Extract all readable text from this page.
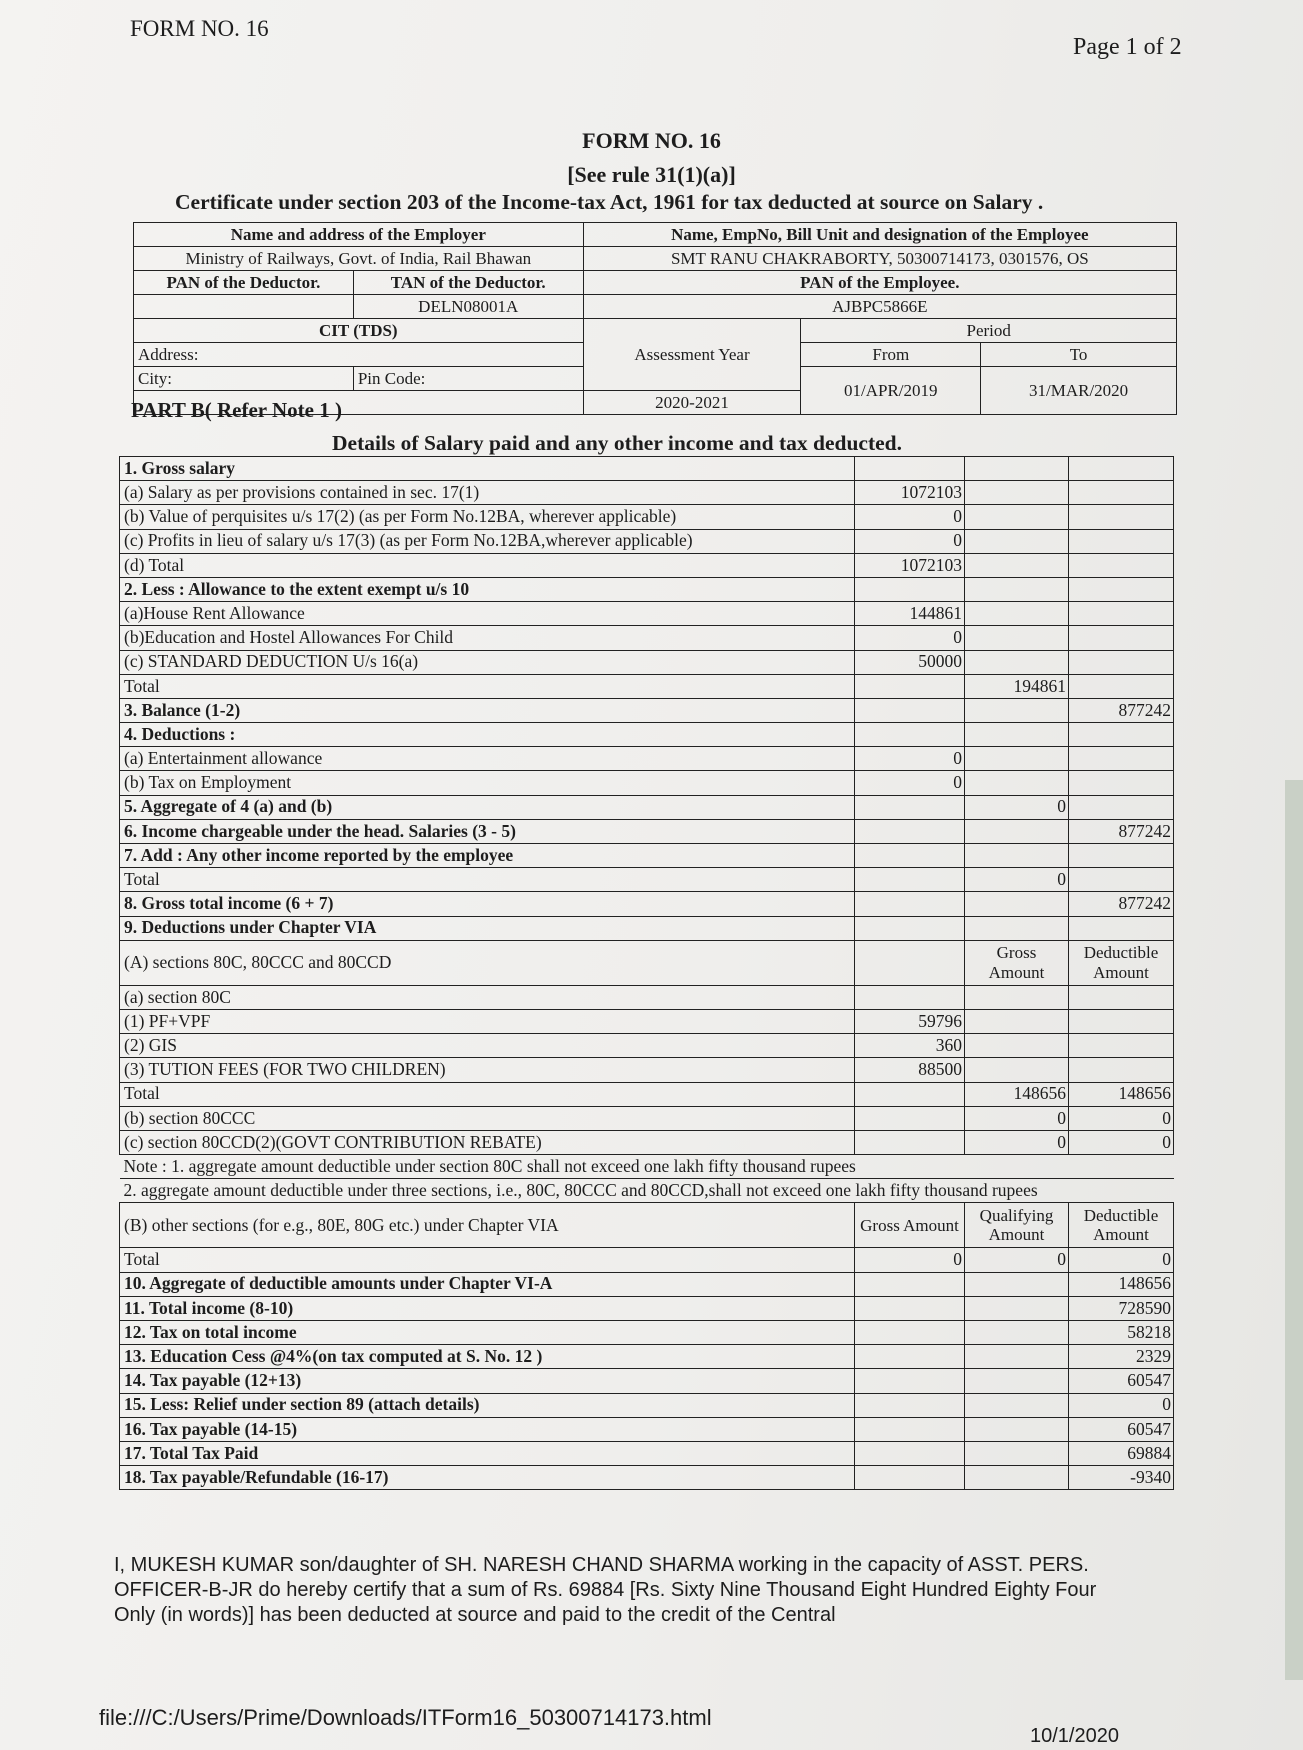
FORM NO. 16
Page 1 of 2
FORM NO. 16
[See rule 31(1)(a)]
Certificate under section 203 of the Income-tax Act, 1961 for tax deducted at source on Salary .
Name and address of the Employer		Name, EmpNo, Bill Unit and designation of the Employee		
Ministry of Railways, Govt. of India, Rail Bhawan		SMT RANU CHAKRABORTY, 50300714173, 0301576, OS		
PAN of the Deductor.	TAN of the Deductor.	PAN of the Employee.		
	DELN08001A	AJBPC5866E		
CIT (TDS)		Assessment Year	Period	
Address:			From	To
City:	Pin Code:		01/APR/2019	31/MAR/2020
		2020-2021		
PART B( Refer Note 1 )
Details of Salary paid and any other income and tax deducted.
1. Gross salary			
(a) Salary as per provisions contained in sec. 17(1)	1072103		
(b) Value of perquisites u/s 17(2) (as per Form No.12BA, wherever applicable)	0		
(c) Profits in lieu of salary u/s 17(3) (as per Form No.12BA,wherever applicable)	0		
(d) Total	1072103		
2. Less : Allowance to the extent exempt u/s 10			
(a)House Rent Allowance	144861		
(b)Education and Hostel Allowances For Child	0		
(c) STANDARD DEDUCTION U/s 16(a)	50000		
Total		194861	
3. Balance (1-2)			877242
4. Deductions :			
(a) Entertainment allowance	0		
(b) Tax on Employment	0		
5. Aggregate of 4 (a) and (b)		0	
6. Income chargeable under the head. Salaries (3 - 5)			877242
7. Add : Any other income reported by the employee			
Total		0	
8. Gross total income (6 + 7)			877242
9. Deductions under Chapter VIA			
(A) sections 80C, 80CCC and 80CCD		Gross Amount	Deductible Amount
(a) section 80C			
(1) PF+VPF	59796		
(2) GIS	360		
(3) TUTION FEES (FOR TWO CHILDREN)	88500		
Total		148656	148656
(b) section 80CCC		0	0
(c) section 80CCD(2)(GOVT CONTRIBUTION REBATE)		0	0
Note : 1. aggregate amount deductible under section 80C shall not exceed one lakh fifty thousand rupees			
2. aggregate amount deductible under three sections, i.e., 80C, 80CCC and 80CCD,shall not exceed one lakh fifty thousand rupees			
(B) other sections (for e.g., 80E, 80G etc.) under Chapter VIA	Gross Amount	Qualifying Amount	Deductible Amount
Total	0	0	0
10. Aggregate of deductible amounts under Chapter VI-A			148656
11. Total income (8-10)			728590
12. Tax on total income			58218
13. Education Cess @4%(on tax computed at S. No. 12 )			2329
14. Tax payable (12+13)			60547
15. Less: Relief under section 89 (attach details)			0
16. Tax payable (14-15)			60547
17. Total Tax Paid			69884
18. Tax payable/Refundable (16-17)			-9340
I, MUKESH KUMAR son/daughter of SH. NARESH CHAND SHARMA working in the capacity of ASST. PERS. OFFICER-B-JR do hereby certify that a sum of Rs. 69884 [Rs. Sixty Nine Thousand Eight Hundred Eighty Four Only (in words)] has been deducted at source and paid to the credit of the Central
file:///C:/Users/Prime/Downloads/ITForm16_50300714173.html
10/1/2020
